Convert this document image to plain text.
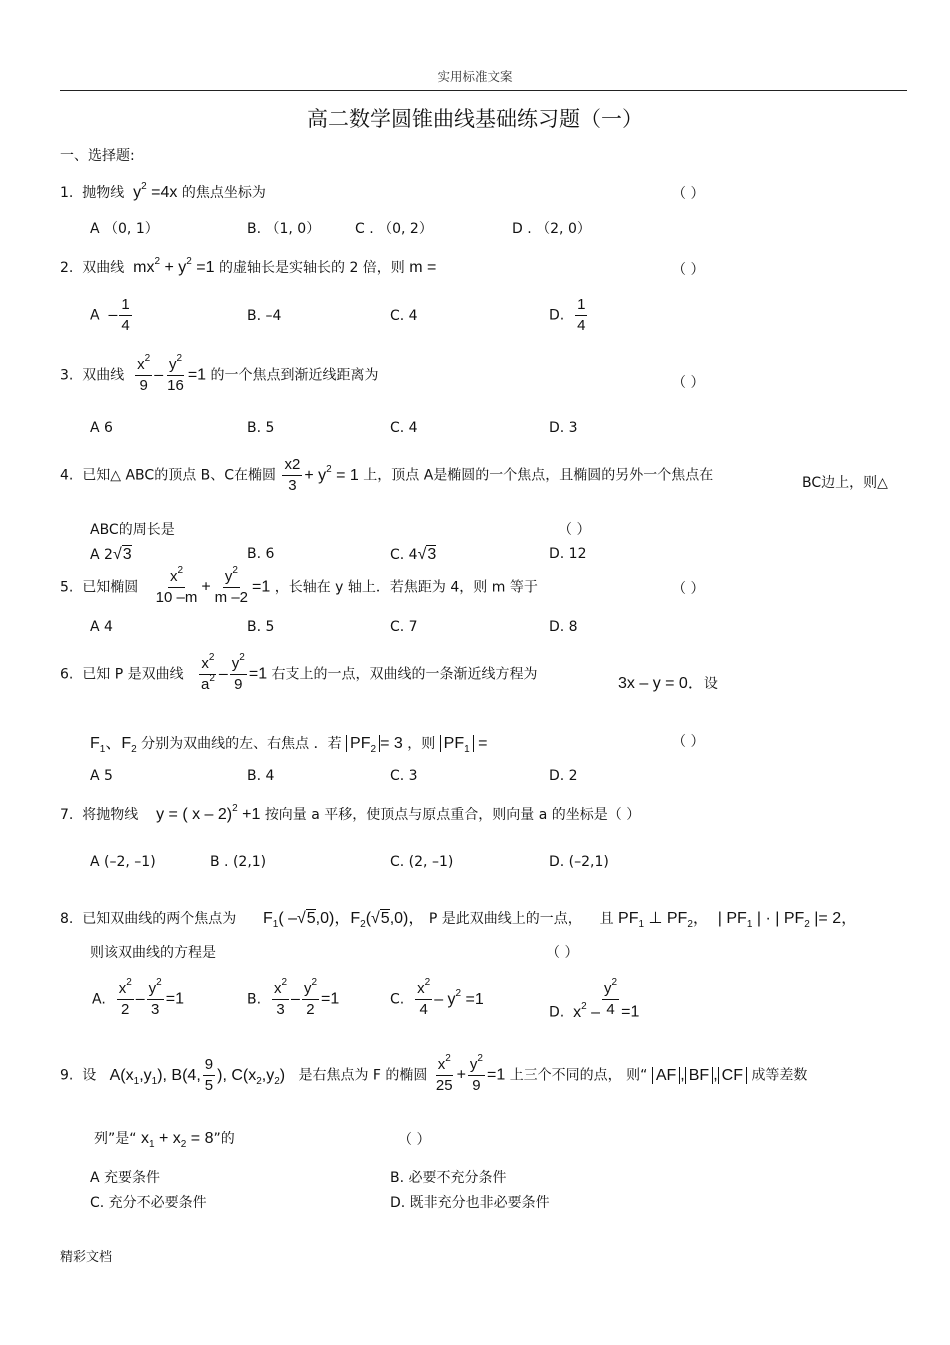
实用标准文案
高二数学圆锥曲线基础练习题（一）
一、选择题:
1. 抛物线 $y^2 =4x$ 的焦点坐标为	（ ）
A （0, 1）	B. （1, 0） C . （0, 2）	D . （2, 0）
2. 双曲线 $mx^2 + y^2 =1$ 的虚轴长是实轴长的 2 倍，则 m =	（ ）
A – $\frac{1}{4}$	B. –4	C. 4	D. $\frac{1}{4}$
3. 双曲线 $\frac{x^2}{9} - \frac{y^2}{16} =1$ 的一个焦点到渐近线距离为	（ ）
A 6	B. 5	C. 4	D. 3
4. 已知△ ABC的顶点 B、C在椭圆 $\frac{x2}{3} + y^2 = 1$ 上，顶点 A是椭圆的一个焦点，且椭圆的另外一个焦点在	BC边上，则△
ABC的周长是	（ ）
A 2√3	B. 6	C. 4√3	D. 12
5. 已知椭圆 $\frac{x^2}{10 -m} + \frac{y^2}{m -2} =1$ ，长轴在 y 轴上．若焦距为 4，则 m 等于	（ ）
A 4	B. 5	C. 7	D. 8
6. 已知 P 是双曲线 $\frac{x^2}{a^2} - \frac{y^2}{9} =1$ 右支上的一点，双曲线的一条渐近线方程为
3x – y = 0．设
$F_1$、$F_2$ 分别为双曲线的左、右焦点 ．若 $PF_2 = 3$ ，则 $PF_1$ =	（ ）
A 5	B. 4	C. 3	D. 2
7. 将抛物线 y = ( x – 2)$^2$ +1 按向量 a 平移，使顶点与原点重合，则向量 a 的坐标是（ ）
A (–2, –1)	B . (2,1)	C. (2, –1)	D. (–2,1)
8. 已知双曲线的两个焦点为 $F_1$( –√5,0)，$F_2(√5,0)$， P 是此双曲线上的一点， 且 $PF_1$ ⊥ $PF_2$，  | $PF_1$ | · | $PF_2$ |= 2，
则该双曲线的方程是	（ ）
A. $\frac{x^2}{2} - \frac{y^2}{3} =1$	B. $\frac{x^2}{3} - \frac{y^2}{2} =1$	C. $\frac{x^2}{4} - y^2 =1$
D. $x^2 - \frac{y^2}{4} =1$
9. 设 $A(x_1,y_1)$, B(4, $\frac{9}{5}$ ), $C(x_2,y_2)$ 是右焦点为 F 的椭圆 $\frac{x^2}{25} + \frac{y^2}{9} =1$ 上三个不同的点， 则“ AF , BF , CF 成等差数
列”是“ $x_1 + x_2 = 8$”的	（ ）
A 充要条件	B. 必要不充分条件
C. 充分不必要条件	D. 既非充分也非必要条件
精彩文档
